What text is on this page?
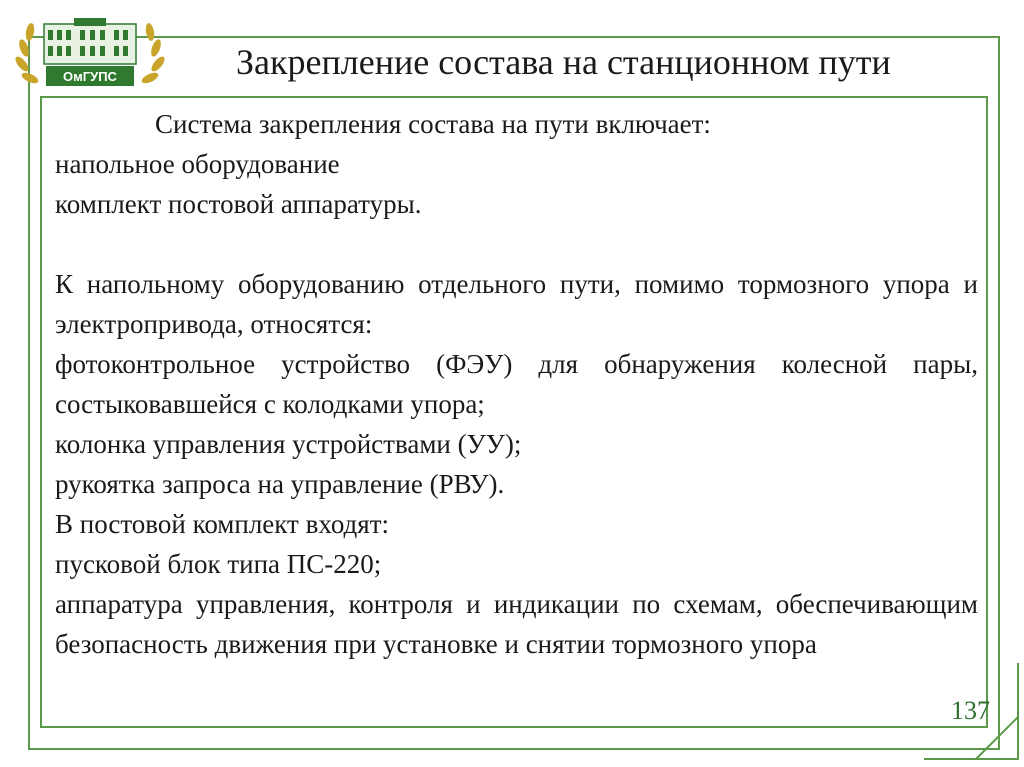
ОмГУПС	Закрепление состава на станционном пути

Система закрепления состава на пути включает:

напольное оборудование

комплект постовой аппаратуры.

К напольному оборудованию отдельного пути, помимо тормозного упора и электропривода, относятся:

фотоконтрольное устройство (ФЭУ) для обнаружения колесной пары, состыковавшейся с колодками упора;

колонка управления устройствами (УУ);

рукоятка запроса на управление (РВУ).

В постовой комплект входят:

пусковой блок типа ПС-220;

аппаратура управления, контроля и индикации по схемам, обеспечивающим безопасность движения при установке и снятии тормозного упора

137
